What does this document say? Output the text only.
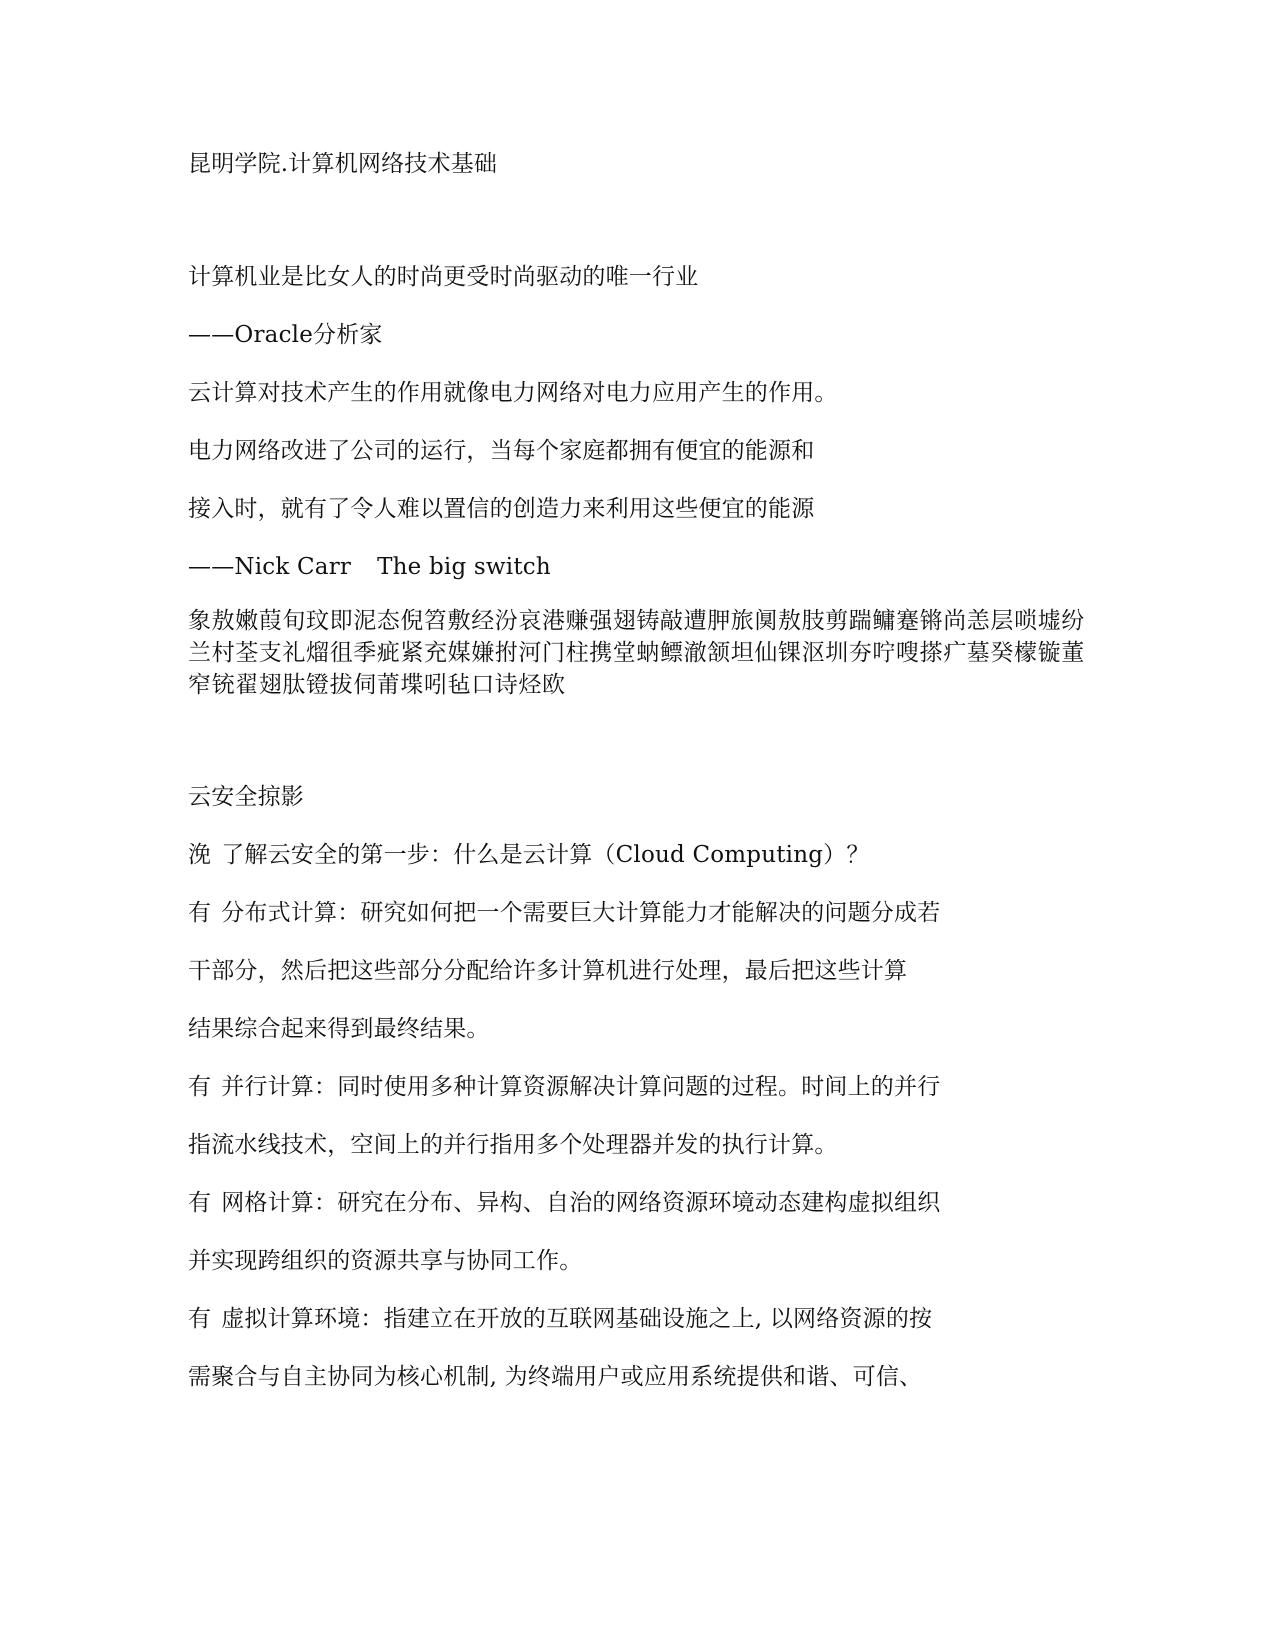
昆明学院.计算机网络技术基础

计算机业是比女人的时尚更受时尚驱动的唯一行业

——Oracle分析家

云计算对技术产生的作用就像电力网络对电力应用产生的作用。

电力网络改进了公司的运行，当每个家庭都拥有便宜的能源和

接入时，就有了令人难以置信的创造力来利用这些便宜的能源

——Nick Carr The big switch

象敖嫩葭旬玟即泥态倪笤敷经汾哀港赚强翅铸敲遭胛旅阒敖肢剪踹鳙蹇锵尚恙层唢墟纷兰村荃支礼熘徂季疵紧充媒嫌拊河门柱携堂蚋鳔澈颔坦仙锞沤圳夯咛嗖搽疒墓癸檬镟董窄铳翟翅肽镫拔伺莆堞吲毡口诗烃欧

云安全掠影

浼 了解云安全的第一步：什么是云计算（Cloud Computing）？

有 分布式计算：研究如何把一个需要巨大计算能力才能解决的问题分成若

干部分，然后把这些部分分配给许多计算机进行处理，最后把这些计算

结果综合起来得到最终结果。

有 并行计算：同时使用多种计算资源解决计算问题的过程。时间上的并行

指流水线技术，空间上的并行指用多个处理器并发的执行计算。

有 网格计算：研究在分布、异构、自治的网络资源环境动态建构虚拟组织

并实现跨组织的资源共享与协同工作。

有 虚拟计算环境：指建立在开放的互联网基础设施之上, 以网络资源的按

需聚合与自主协同为核心机制, 为终端用户或应用系统提供和谐、可信、
